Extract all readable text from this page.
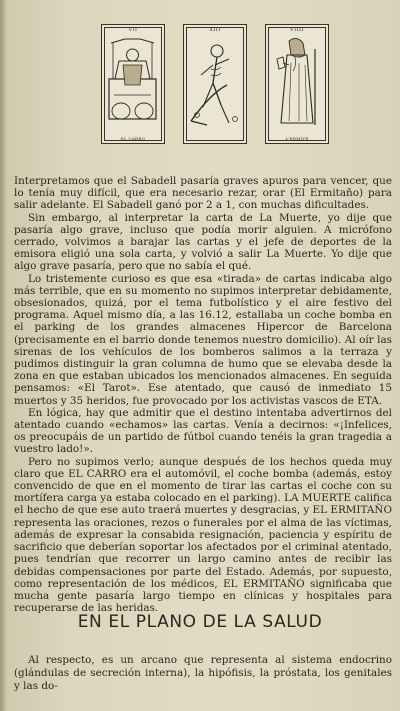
VII
EL CARRO
XIII	VIIII
L'ERMITE

Interpretamos que el Sabadell pasaría graves apuros para vencer, que lo tenía muy difícil, que era necesario rezar, orar (El Ermitaño) para salir adelante. El Sabadell ganó por 2 a 1, con muchas dificultades.

Sin embargo, al interpretar la carta de La Muerte, yo dije que pasaría algo grave, incluso que podía morir alguien. A micrófono cerrado, volvimos a barajar las cartas y el jefe de deportes de la emisora eligió una sola carta, y volvió a salir La Muerte. Yo dije que algo grave pasaría, pero que no sabía el qué.

Lo tristemente curioso es que esa «tirada» de cartas indicaba algo más terrible, que en su momento no supimos interpretar debidamente, obsesionados, quizá, por el tema futbolístico y el aire festivo del programa. Aquel mismo día, a las 16.12, estallaba un coche bomba en el parking de los grandes almacenes Hipercor de Barcelona (precisamente en el barrio donde tenemos nuestro domicilio). Al oír las sirenas de los vehículos de los bomberos salimos a la terraza y pudimos distinguir la gran columna de humo que se elevaba desde la zona en que estaban ubicados los mencionados almacenes. En seguida pensamos: «El Tarot». Ese atentado, que causó de inmediato 15 muertos y 35 heridos, fue provocado por los activistas vascos de ETA.

En lógica, hay que admitir que el destino intentaba advertirnos del atentado cuando «echamos» las cartas. Venía a decirnos: «¡Infelices, os preocupáis de un partido de fútbol cuando tenéis la gran tragedia a vuestro lado!».

Pero no supimos verlo; aunque después de los hechos queda muy claro que EL CARRO era el automóvil, el coche bomba (además, estoy convencido de que en el momento de tirar las cartas el coche con su mortífera carga ya estaba colocado en el parking). LA MUERTE califica el hecho de que ese auto traerá muertes y desgracias, y EL ERMITAÑO representa las oraciones, rezos o funerales por el alma de las víctimas, además de expresar la consabida resignación, paciencia y espíritu de sacrificio que deberían soportar los afectados por el criminal atentado, pues tendrían que recorrer un largo camino antes de recibir las debidas compensaciones por parte del Estado. Además, por supuesto, como representación de los médicos, EL ERMITAÑO significaba que mucha gente pasaría largo tiempo en clínicas y hospitales para recuperarse de las heridas.

EN EL PLANO DE LA SALUD

Al respecto, es un arcano que representa al sistema endocrino (glándulas de secreción interna), la hipófisis, la próstata, los genitales y las do-
